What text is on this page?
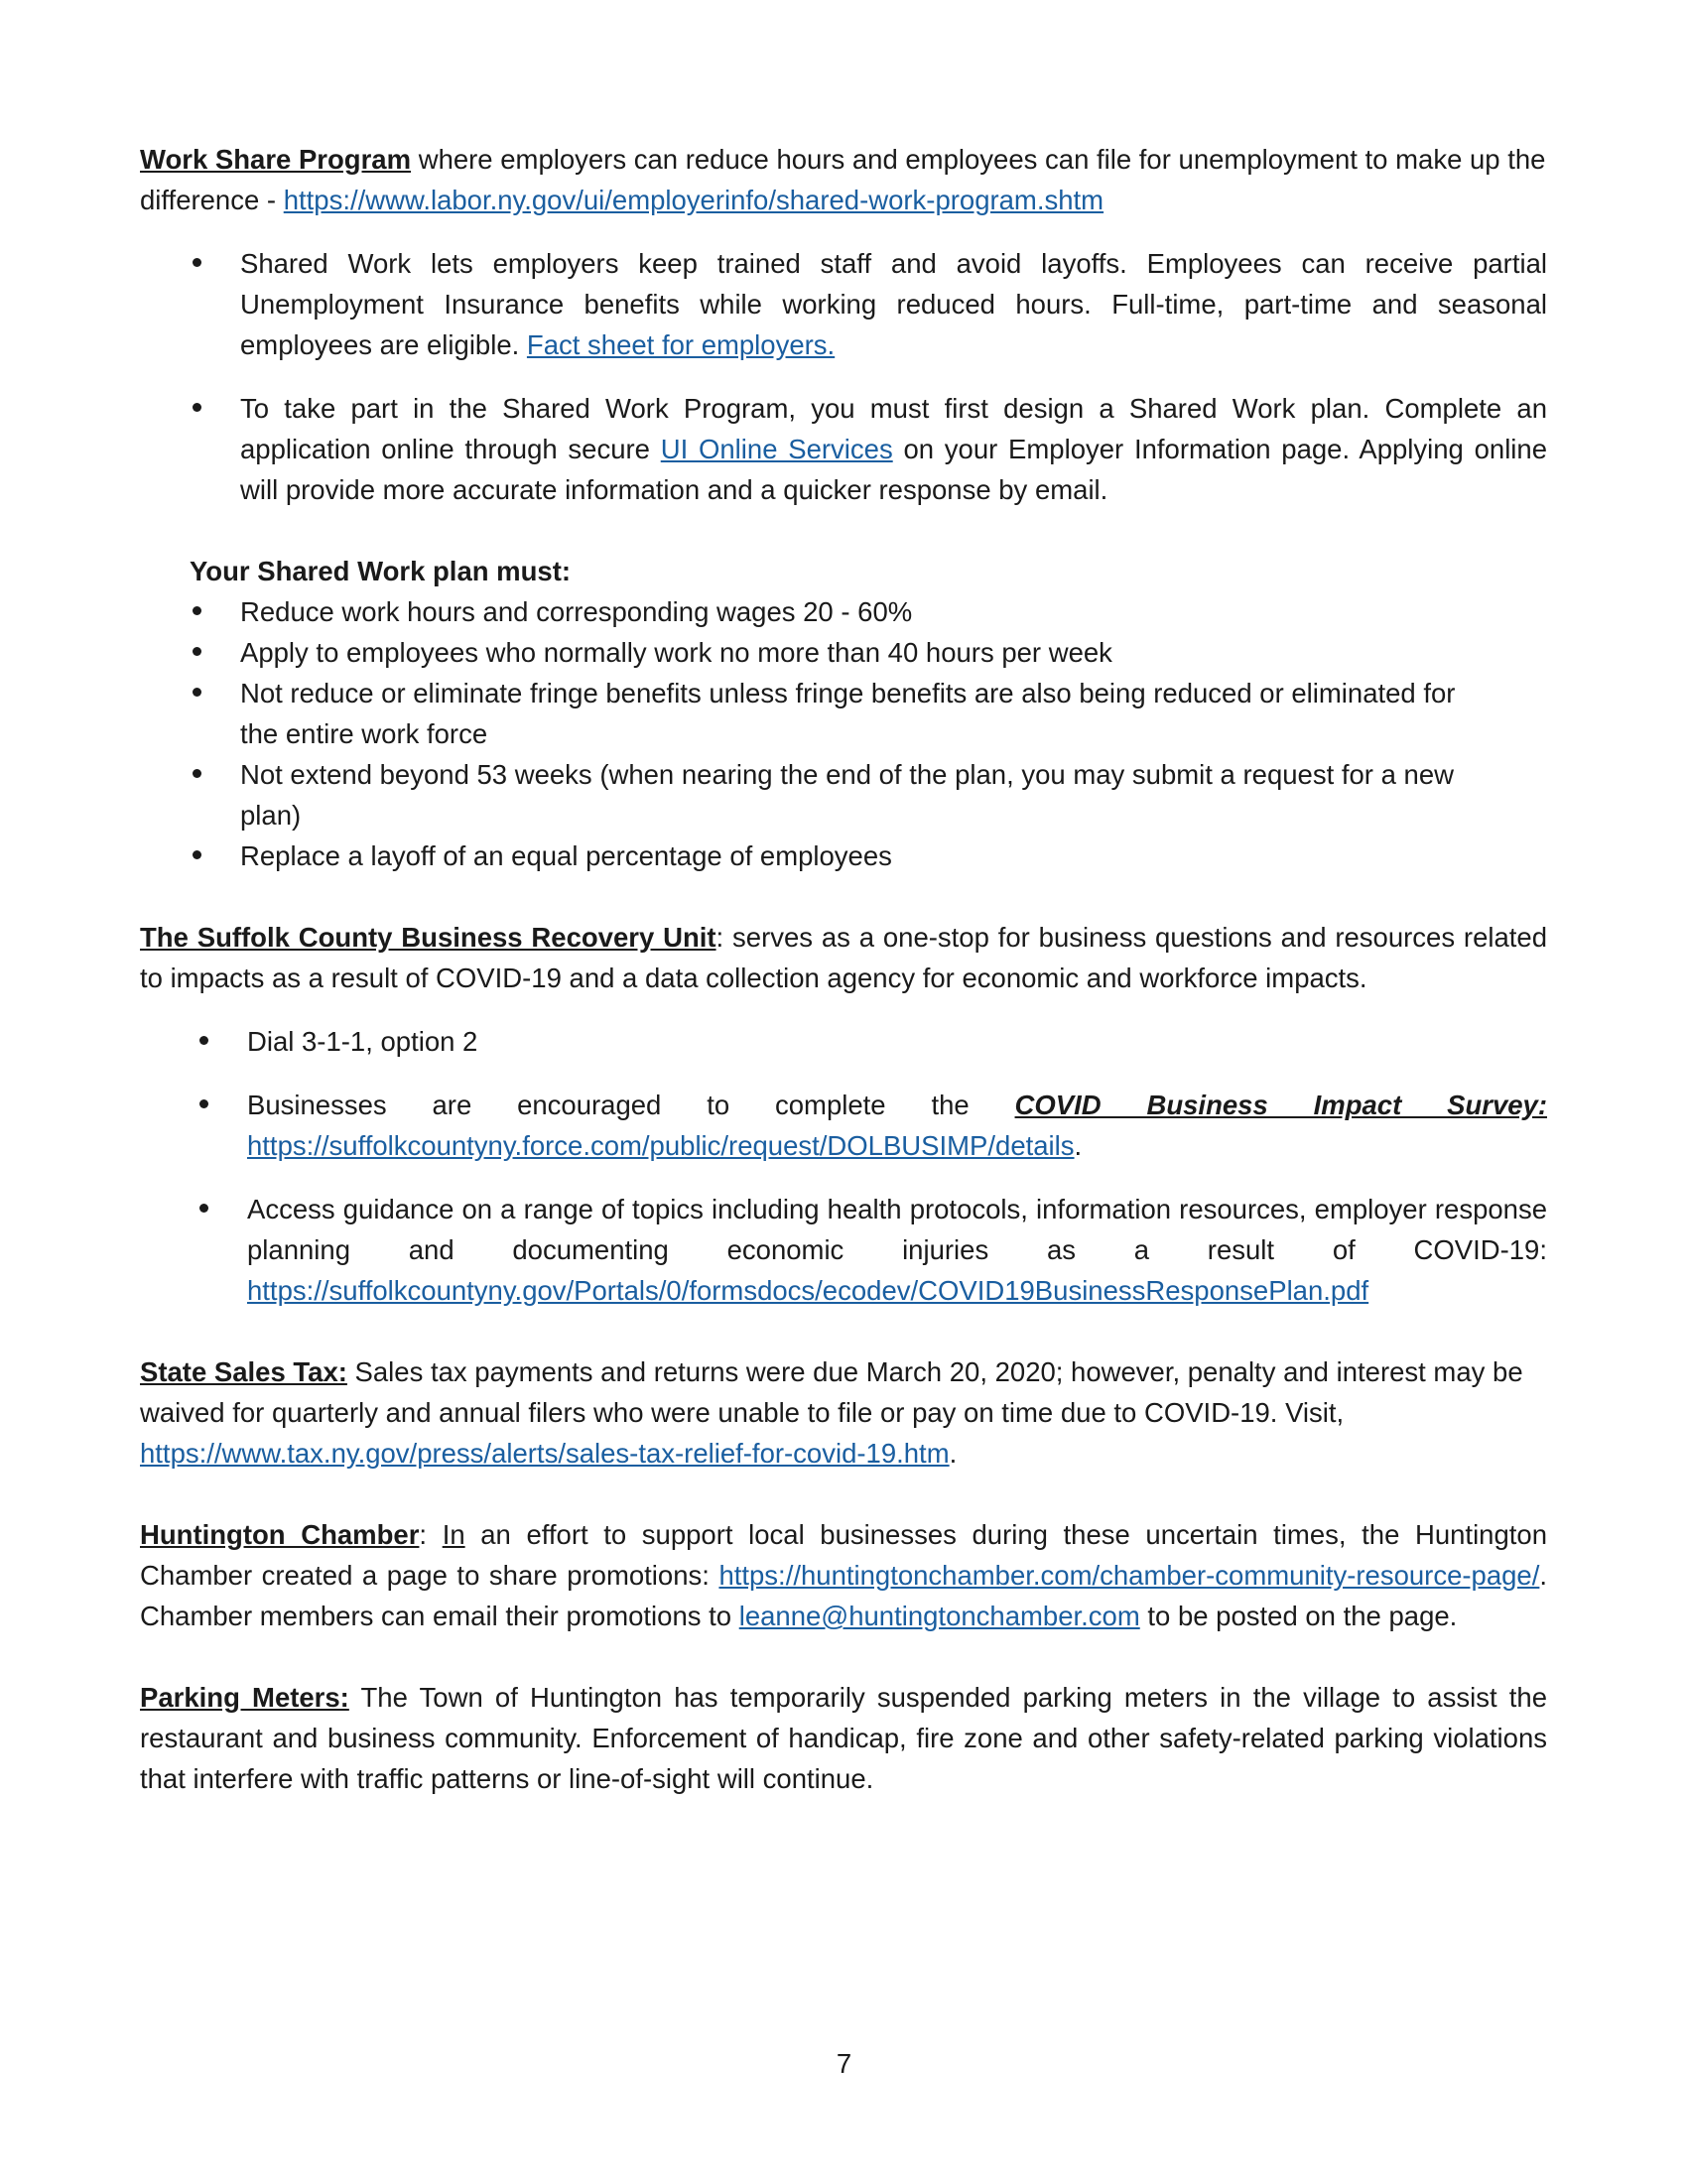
Work Share Program where employers can reduce hours and employees can file for unemployment to make up the difference - https://www.labor.ny.gov/ui/employerinfo/shared-work-program.shtm

Shared Work lets employers keep trained staff and avoid layoffs. Employees can receive partial Unemployment Insurance benefits while working reduced hours. Full-time, part-time and seasonal employees are eligible. Fact sheet for employers.
To take part in the Shared Work Program, you must first design a Shared Work plan. Complete an application online through secure UI Online Services on your Employer Information page. Applying online will provide more accurate information and a quicker response by email.

Your Shared Work plan must:

Reduce work hours and corresponding wages 20 - 60%
Apply to employees who normally work no more than 40 hours per week
Not reduce or eliminate fringe benefits unless fringe benefits are also being reduced or eliminated for the entire work force
Not extend beyond 53 weeks (when nearing the end of the plan, you may submit a request for a new plan)
Replace a layoff of an equal percentage of employees

The Suffolk County Business Recovery Unit: serves as a one-stop for business questions and resources related to impacts as a result of COVID-19 and a data collection agency for economic and workforce impacts.

Dial 3-1-1, option 2
Businesses are encouraged to complete the COVID Business Impact Survey:
https://suffolkcountyny.force.com/public/request/DOLBUSIMP/details.
Access guidance on a range of topics including health protocols, information resources, employer response planning and documenting economic injuries as a result of COVID-19: https://suffolkcountyny.gov/Portals/0/formsdocs/ecodev/COVID19BusinessResponsePlan.pdf

State Sales Tax: Sales tax payments and returns were due March 20, 2020; however, penalty and interest may be waived for quarterly and annual filers who were unable to file or pay on time due to COVID-19. Visit, https://www.tax.ny.gov/press/alerts/sales-tax-relief-for-covid-19.htm.

Huntington Chamber: In an effort to support local businesses during these uncertain times, the Huntington Chamber created a page to share promotions: https://huntingtonchamber.com/chamber-community-resource-page/. Chamber members can email their promotions to leanne@huntingtonchamber.com to be posted on the page.

Parking Meters: The Town of Huntington has temporarily suspended parking meters in the village to assist the restaurant and business community. Enforcement of handicap, fire zone and other safety-related parking violations that interfere with traffic patterns or line-of-sight will continue.

7
